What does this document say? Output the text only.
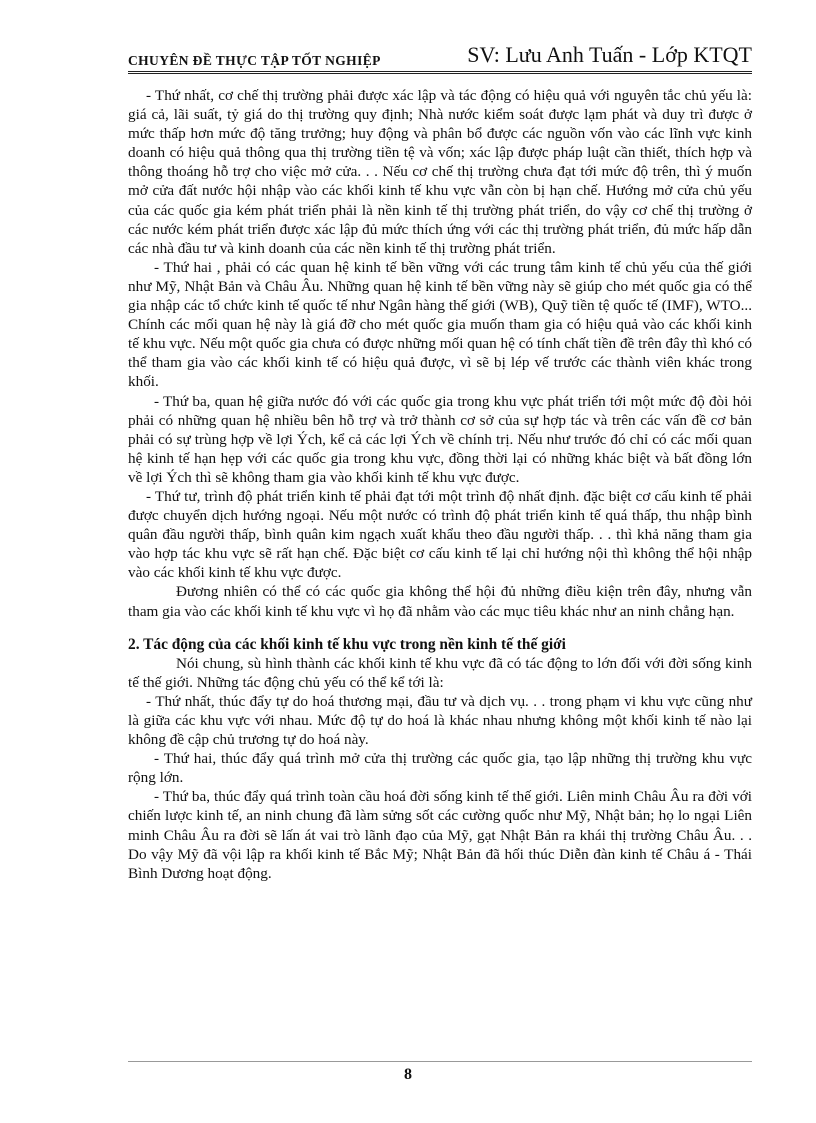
CHUYÊN ĐỀ THỰC TẬP TỐT NGHIỆP	SV: Lưu Anh Tuấn - Lớp KTQT

- Thứ nhất, cơ chế thị trường phải được xác lập và tác động có hiệu quả với nguyên tắc chủ yếu là: giá cả, lãi suất, tỷ giá do thị trường quy định; Nhà nước kiểm soát được lạm phát và duy trì được ở mức thấp hơn mức độ tăng trưởng; huy động và phân bổ được các nguồn vốn vào các lĩnh vực kinh doanh có hiệu quả thông qua thị trường tiền tệ và vốn; xác lập được pháp luật cần thiết, thích hợp và thông thoáng hỗ trợ cho việc mở cửa. . . Nếu cơ chế thị trường chưa đạt tới mức độ trên, thì ý muốn mở cửa đất nước hội nhập vào các khối kinh tế khu vực vẫn còn bị hạn chế. Hướng mở cửa chủ yếu của các quốc gia kém phát triển phải là nền kinh tế thị trường phát triển, do vậy cơ chế thị trường ở các nước kém phát triển được xác lập đủ mức thích ứng với các thị trường phát triển, đủ mức hấp dẫn các nhà đầu tư và kinh doanh của các nền kinh tế thị trường phát triển.

- Thứ hai , phải có các quan hệ kinh tế bền vững với các trung tâm kinh tế chủ yếu của thế giới như Mỹ, Nhật Bản và Châu Âu. Những quan hệ kinh tế bền vững này sẽ giúp cho mét quốc gia có thể gia nhập các tổ chức kinh tế quốc tế như Ngân hàng thế giới (WB), Quỹ tiền tệ quốc tế (IMF), WTO... Chính các mối quan hệ này là giá đỡ cho mét quốc gia muốn tham gia có hiệu quả vào các khối kinh tế khu vực. Nếu một quốc gia chưa có được những mối quan hệ có tính chất tiền đề trên đây thì khó có thể tham gia vào các khối kinh tế có hiệu quả được, vì sẽ bị lép vế trước các thành viên khác trong khối.

- Thứ ba, quan hệ giữa nước đó với các quốc gia trong khu vực phát triển tới một mức độ đòi hỏi phải có những quan hệ nhiều bên hỗ trợ và trở thành cơ sở của sự hợp tác và trên các vấn đề cơ bản phải có sự trùng hợp về lợi Ých, kể cả các lợi Ých về chính trị. Nếu như trước đó chỉ có các mối quan hệ kinh tế hạn hẹp với các quốc gia trong khu vực, đồng thời lại có những khác biệt và bất đồng lớn về lợi Ých thì sẽ không tham gia vào khối kinh tế khu vực được.

- Thứ tư, trình độ phát triển kinh tế phải đạt tới một trình độ nhất định. đặc biệt cơ cấu kinh tế phải được chuyển dịch hướng ngoại. Nếu một nước có trình độ phát triển kinh tế quá thấp, thu nhập bình quân đầu người thấp, bình quân kim ngạch xuất khẩu theo đầu người thấp. . . thì khả năng tham gia vào hợp tác khu vực sẽ rất hạn chế. Đặc biệt cơ cấu kinh tế lại chỉ hướng nội thì không thể hội nhập vào các khối kinh tế khu vực được.

Đương nhiên có thể có các quốc gia không thể hội đủ những điều kiện trên đây, nhưng vẫn tham gia vào các khối kinh tế khu vực vì họ đã nhằm vào các mục tiêu khác như an ninh chẳng hạn.

2. Tác động của các khối kinh tế khu vực trong nền kinh tế thế giới

Nói chung, sù hình thành các khối kinh tế khu vực đã có tác động to lớn đối với đời sống kinh tế thế giới. Những tác động chủ yếu có thể kể tới là:

- Thứ nhất, thúc đẩy tự do hoá thương mại, đầu tư và dịch vụ. . . trong phạm vi khu vực cũng như là giữa các khu vực với nhau. Mức độ tự do hoá là khác nhau nhưng không một khối kinh tế nào lại không đề cập chủ trương tự do hoá này.

- Thứ hai, thúc đẩy quá trình mở cửa thị trường các quốc gia, tạo lập những thị trường khu vực rộng lớn.

- Thứ ba, thúc đẩy quá trình toàn cầu hoá đời sống kinh tế thế giới. Liên minh Châu Âu ra đời với chiến lược kinh tế, an ninh chung đã làm sửng sốt các cường quốc như Mỹ, Nhật bản; họ lo ngại Liên minh Châu Âu ra đời sẽ lấn át vai trò lãnh đạo của Mỹ, gạt Nhật Bản ra khái thị trường Châu Âu. . . Do vậy Mỹ đã vội lập ra khối kinh tế Bắc Mỹ; Nhật Bản đã hối thúc Diễn đàn kinh tế Châu á - Thái Bình Dương hoạt động.

8
